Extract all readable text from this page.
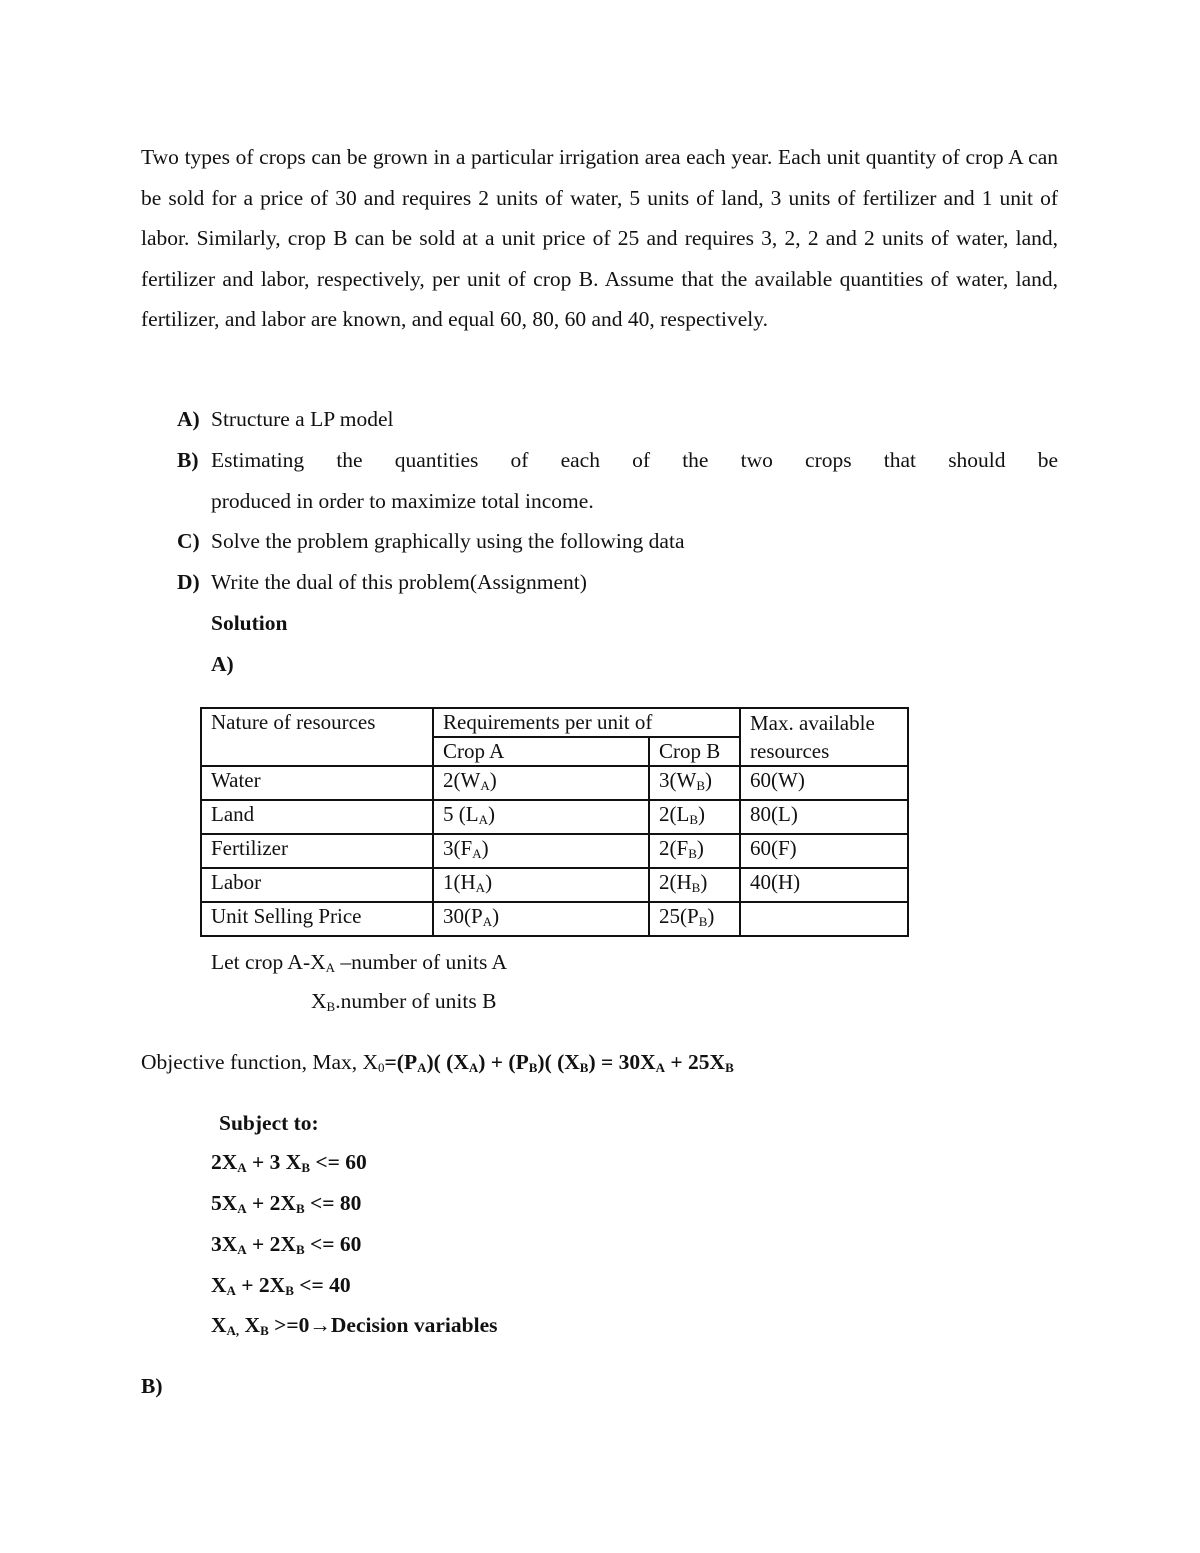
Two types of crops can be grown in a particular irrigation area each year. Each unit quantity of crop A can be sold for a price of 30 and requires 2 units of water, 5 units of land, 3 units of fertilizer and 1 unit of labor. Similarly, crop B can be sold at a unit price of 25 and requires 3, 2, 2 and 2 units of water, land, fertilizer and labor, respectively, per unit of crop B. Assume that the available quantities of water, land, fertilizer, and labor are known, and equal 60, 80, 60 and 40, respectively.

A) Structure a LP model
B) Estimating the quantities of each of the two crops that should be
produced in order to maximize total income.
C) Solve the problem graphically using the following data
D) Write the dual of this problem(Assignment)
Solution
A)
Nature of resources	Requirements per unit of		Max. available resources
	Crop A	Crop B	
Water	$2(W_A)$	$3(W_B)$	60(W)
Land	5 $(L_A)$	$2(L_B)$	80(L)
Fertilizer	$3(F_A)$	$2(F_B)$	60(F)
Labor	$1(H_A)$	$2(H_B)$	40(H)
Unit Selling Price	$30(P_A)$	$25(P_B)$	
Let crop $A-X_A$ –number of units A
$X_B.number$ of units B
Objective function, Max, $X_0=(P_A)$( $(X_A) + (P_B)$( $(X_B) = 30X_A + 25X_B$
Subject to:
$2X_A + 3$ $X_B <= 60$
$5X_A + 2X_B <= 80$
$3X_A + 2X_B <= 60$
$X_A + 2X_B <= 40$
$X_{A,}$ $X_B$ >=0→Decision variables
B)
